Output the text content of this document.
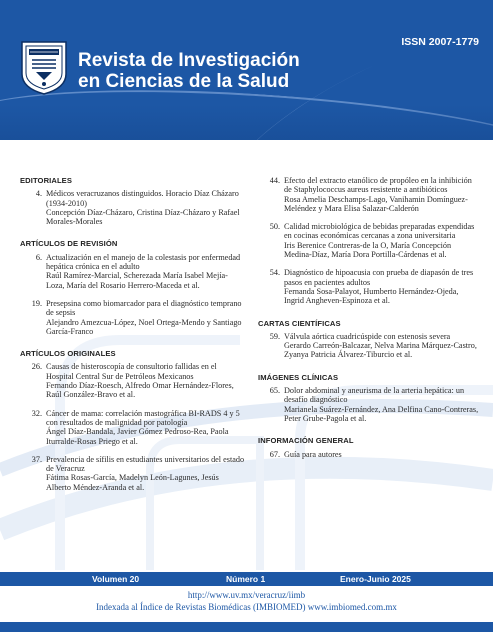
Revista de Investigación
en Ciencias de la Salud
ISSN 2007-1779
EDITORIALES
4. Médicos veracruzanos distinguidos. Horacio Díaz Cházaro (1934-2010)
Concepción Díaz-Cházaro, Cristina Díaz-Cházaro y Rafael Morales-Morales
ARTÍCULOS DE REVISIÓN
6. Actualización en el manejo de la colestasis por enfermedad hepática crónica en el adulto
Raúl Ramírez-Marcial, Scherezada María Isabel Mejía-Loza, María del Rosario Herrero-Maceda et al.
19. Presepsina como biomarcador para el diagnóstico temprano de sepsis
Alejandro Amezcua-López, Noel Ortega-Mendo y Santiago García-Franco
ARTÍCULOS ORIGINALES
26. Causas de histeroscopía de consultorio fallidas en el Hospital Central Sur de Petróleos Mexicanos
Fernando Díaz-Roesch, Alfredo Omar Hernández-Flores, Raúl González-Bravo et al.
32. Cáncer de mama: correlación mastográfica BI-RADS 4 y 5 con resultados de malignidad por patología
Ángel Díaz-Bandala, Javier Gómez Pedroso-Rea, Paola Iturralde-Rosas Priego et al.
37. Prevalencia de sífilis en estudiantes universitarios del estado de Veracruz
Fátima Rosas-García, Madelyn León-Lagunes, Jesús Alberto Méndez-Aranda et al.
44. Efecto del extracto etanólico de propóleo en la inhibición de Staphylococcus aureus resistente a antibióticos
Rosa Amelia Deschamps-Lago, Vanihamin Domínguez-Meléndez y Mara Elisa Salazar-Calderón
50. Calidad microbiológica de bebidas preparadas expendidas en cocinas económicas cercanas a zona universitaria
Iris Berenice Contreras-de la O, María Concepción Medina-Díaz, María Dora Portilla-Cárdenas et al.
54. Diagnóstico de hipoacusia con prueba de diapasón de tres pasos en pacientes adultos
Fernanda Sosa-Palayot, Humberto Hernández-Ojeda, Ingrid Angheven-Espinoza et al.
CARTAS CIENTÍFICAS
59. Válvula aórtica cuadricúspide con estenosis severa
Gerardo Carreón-Balcazar, Nelva Marina Márquez-Castro, Zyanya Patricia Álvarez-Tiburcio et al.
IMÁGENES CLÍNICAS
65. Dolor abdominal y aneurisma de la arteria hepática: un desafío diagnóstico
Marianela Suárez-Fernández, Ana Delfina Cano-Contreras, Peter Grube-Pagola et al.
INFORMACIÓN GENERAL
67. Guía para autores
Volumen 20	Número 1	Enero-Junio 2025
http://www.uv.mx/veracruz/iimb
Indexada al Índice de Revistas Biomédicas (IMBIOMED) www.imbiomed.com.mx
